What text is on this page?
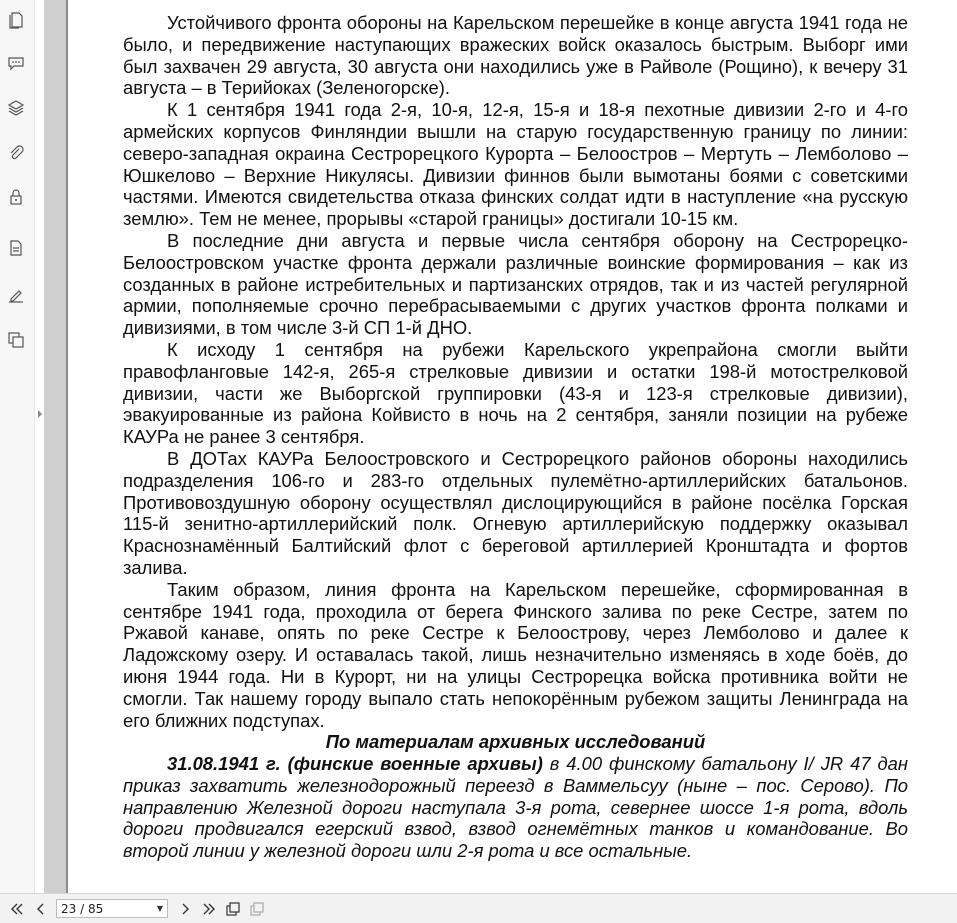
Устойчивого фронта обороны на Карельском перешейке в конце августа 1941 года не было, и передвижение наступающих вражеских войск оказалось быстрым. Выборг ими был захвачен 29 августа, 30 августа они находились уже в Райволе (Рощино), к вечеру 31 августа – в Терийоках (Зеленогорске).

К 1 сентября 1941 года 2-я, 10-я, 12-я, 15-я и 18-я пехотные дивизии 2-го и 4-го армейских корпусов Финляндии вышли на старую государственную границу по линии: северо-западная окраина Сестрорецкого Курорта – Белоостров – Мертуть – Лемболово – Юшкелово – Верхние Никулясы. Дивизии финнов были вымотаны боями с советскими частями. Имеются свидетельства отказа финских солдат идти в наступление «на русскую землю». Тем не менее, прорывы «старой границы» достигали 10-15 км.

В последние дни августа и первые числа сентября оборону на Сестрорецко-Белоостровском участке фронта держали различные воинские формирования – как из созданных в районе истребительных и партизанских отрядов, так и из частей регулярной армии, пополняемые срочно перебрасываемыми с других участков фронта полками и дивизиями, в том числе 3-й СП 1-й ДНО.

К исходу 1 сентября на рубежи Карельского укрепрайона смогли выйти правофланговые 142-я, 265-я стрелковые дивизии и остатки 198-й мотострелковой дивизии, части же Выборгской группировки (43-я и 123-я стрелковые дивизии), эвакуированные из района Койвисто в ночь на 2 сентября, заняли позиции на рубеже КАУРа не ранее 3 сентября.

В ДОТах КАУРа Белоостровского и Сестрорецкого районов обороны находились подразделения 106-го и 283-го отдельных пулемётно-артиллерийских батальонов. Противовоздушную оборону осуществлял дислоцирующийся в районе посёлка Горская 115-й зенитно-артиллерийский полк. Огневую артиллерийскую поддержку оказывал Краснознамённый Балтийский флот с береговой артиллерией Кронштадта и фортов залива.

Таким образом, линия фронта на Карельском перешейке, сформированная в сентябре 1941 года, проходила от берега Финского залива по реке Сестре, затем по Ржавой канаве, опять по реке Сестре к Белоострову, через Лемболово и далее к Ладожскому озеру. И оставалась такой, лишь незначительно изменяясь в ходе боёв, до июня 1944 года. Ни в Курорт, ни на улицы Сестрорецка войска противника войти не смогли. Так нашему городу выпало стать непокорённым рубежом защиты Ленинграда на его ближних подступах.

По материалам архивных исследований

31.08.1941 г. (финские военные архивы) в 4.00 финскому батальону I/ JR 47 дан приказ захватить железнодорожный переезд в Ваммельсуу (ныне – пос. Серово). По направлению Железной дороги наступала 3-я рота, севернее шоссе 1-я рота, вдоль дороги продвигался егерский взвод, взвод огнемётных танков и командование. Во второй линии у железной дороги шли 2-я рота и все остальные.

23 / 85	▼
